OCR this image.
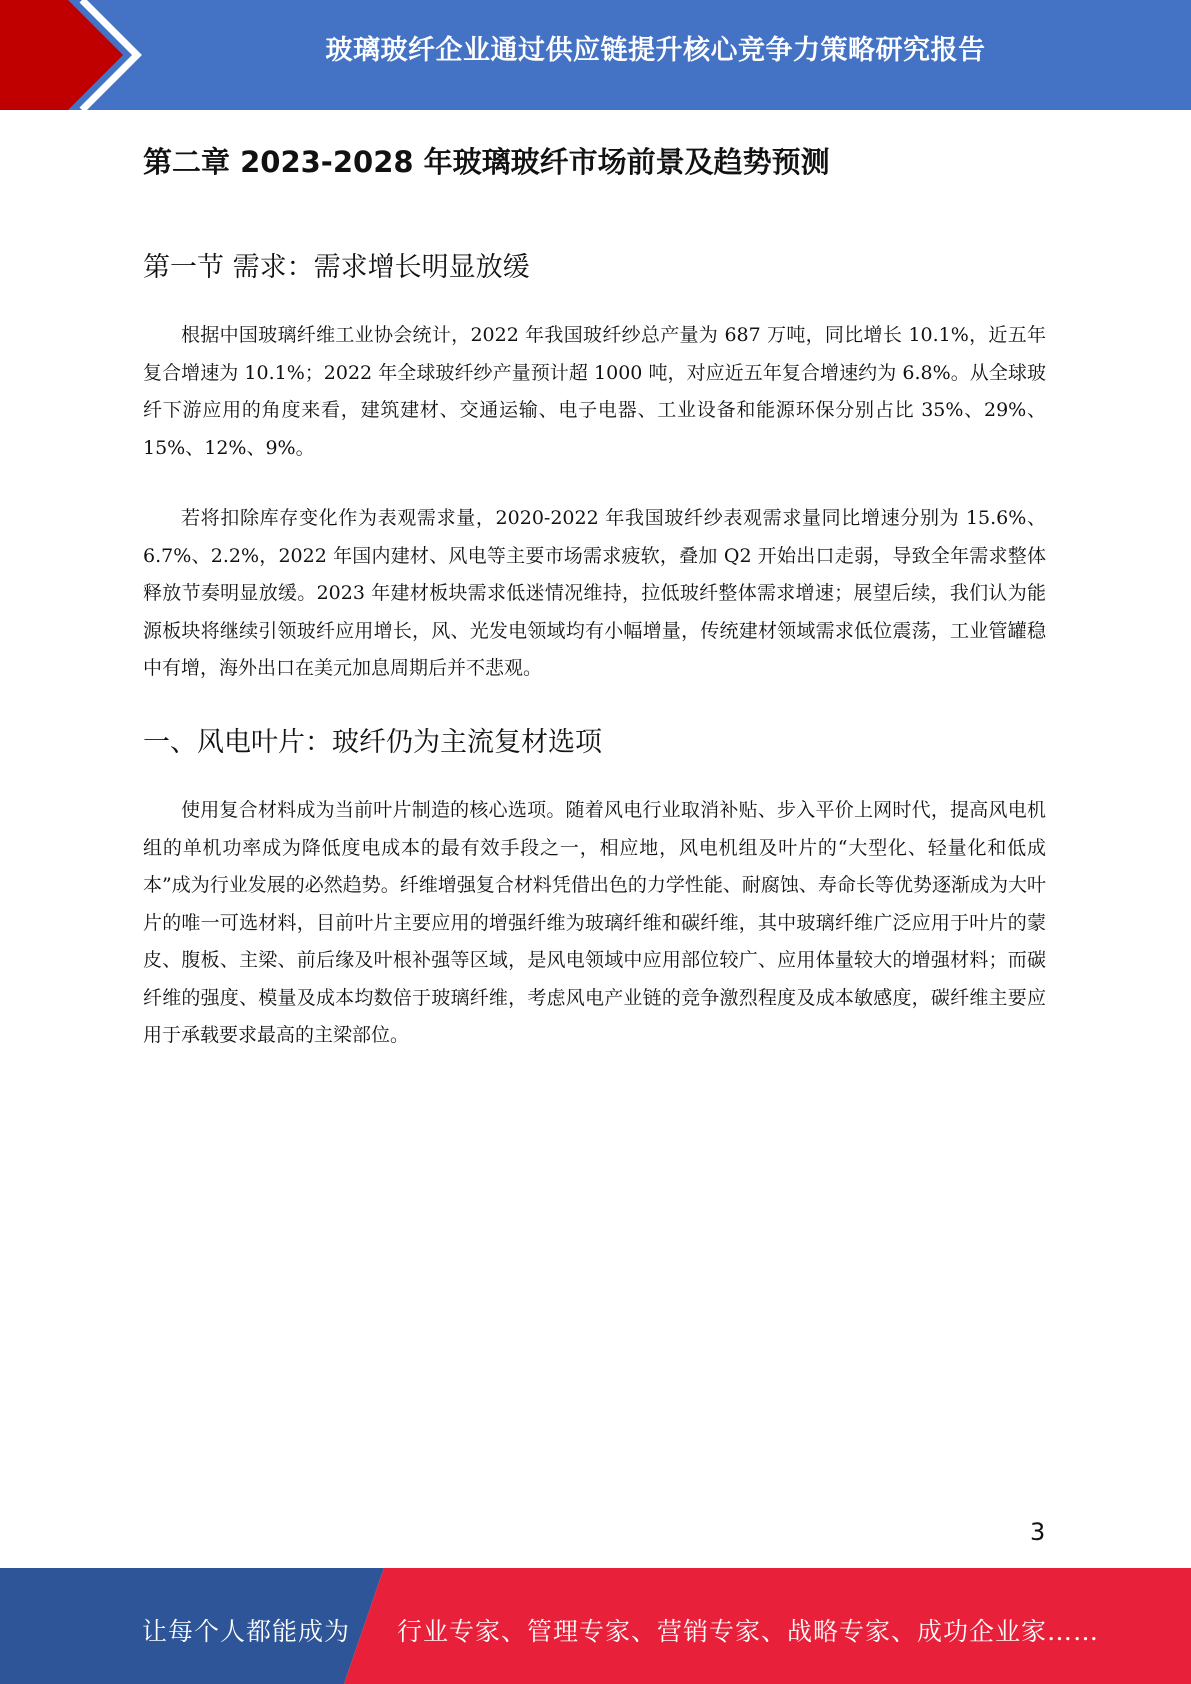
玻璃玻纤企业通过供应链提升核心竞争力策略研究报告
第二章 2023-2028 年玻璃玻纤市场前景及趋势预测
第一节 需求：需求增长明显放缓

根据中国玻璃纤维工业协会统计，2022 年我国玻纤纱总产量为 687 万吨，同比增长 10.1%，近五年复合增速为 10.1%；2022 年全球玻纤纱产量预计超 1000 吨，对应近五年复合增速约为 6.8%。从全球玻纤下游应用的角度来看，建筑建材、交通运输、电子电器、工业设备和能源环保分别占比 35%、29%、15%、12%、9%。

若将扣除库存变化作为表观需求量，2020-2022 年我国玻纤纱表观需求量同比增速分别为 15.6%、6.7%、2.2%，2022 年国内建材、风电等主要市场需求疲软，叠加 Q2 开始出口走弱，导致全年需求整体释放节奏明显放缓。2023 年建材板块需求低迷情况维持，拉低玻纤整体需求增速；展望后续，我们认为能源板块将继续引领玻纤应用增长，风、光发电领域均有小幅增量，传统建材领域需求低位震荡，工业管罐稳中有增，海外出口在美元加息周期后并不悲观。

一、风电叶片：玻纤仍为主流复材选项

使用复合材料成为当前叶片制造的核心选项。随着风电行业取消补贴、步入平价上网时代，提高风电机组的单机功率成为降低度电成本的最有效手段之一，相应地，风电机组及叶片的“大型化、轻量化和低成本”成为行业发展的必然趋势。纤维增强复合材料凭借出色的力学性能、耐腐蚀、寿命长等优势逐渐成为大叶片的唯一可选材料，目前叶片主要应用的增强纤维为玻璃纤维和碳纤维，其中玻璃纤维广泛应用于叶片的蒙皮、腹板、主梁、前后缘及叶根补强等区域，是风电领域中应用部位较广、应用体量较大的增强材料；而碳纤维的强度、模量及成本均数倍于玻璃纤维，考虑风电产业链的竞争激烈程度及成本敏感度，碳纤维主要应用于承载要求最高的主梁部位。

3
让每个人都能成为 行业专家、管理专家、营销专家、战略专家、成功企业家……
